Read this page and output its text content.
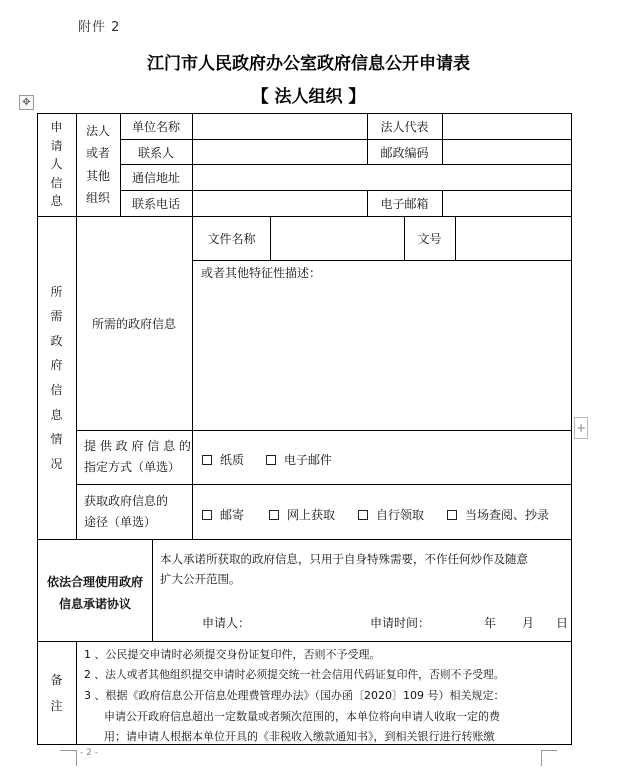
附件 2
江门市人民政府办公室政府信息公开申请表
【 法人组织 】
✥
+
申
请
人
信
息
法人
或者
其他
组织
单位名称	法人代表
联系人	邮政编码
通信地址
联系电话	电子邮箱
所
需
政
府
信
息
情
况
所需的政府信息
文件名称	文号
或者其他特征性描述：
提 供 政 府 信 息 的
指定方式（单选）	纸质	电子邮件
获取政府信息的
途径（单选）	邮寄	网上获取	自行领取	当场查阅、抄录
依法合理使用政府
信息承诺协议
本人承诺所获取的政府信息，只用于自身特殊需要，不作任何炒作及随意
扩大公开范围。
申请人：	申请时间：	年 月 日
备
注
1 、公民提交申请时必须提交身份证复印件，否则不予受理。
2 、法人或者其他组织提交申请时必须提交统一社会信用代码证复印件，否则不予受理。
3 、根据《政府信息公开信息处理费管理办法》（国办函〔2020〕109 号）相关规定：
申请公开政府信息超出一定数量或者频次范围的，本单位将向申请人收取一定的费
用；请申请人根据本单位开具的《非税收入缴款通知书》，到相关银行进行转账缴
- 2 -
